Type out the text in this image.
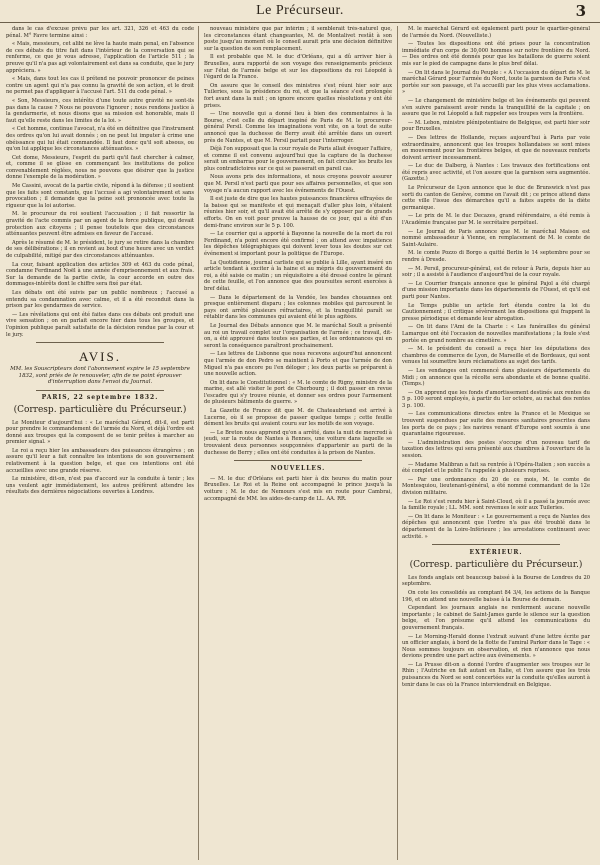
Le Précurseur.	3

dans le cas d'excuse prévu par les art. 321, 326 et 463 du code pénal. M° Favre termine ainsi :

« Mais, messieurs, cet alibi ne lève la haute main penal, en l'absence de ces débats du titre fait dans l'intérieur de la conversation qui se renferme, ce que je vous adresse, l'application de l'article 511 ; la preuve qu'il n'a pas agi volontairement est dans sa conduite, que le jury appréciera. »

« Mais, dans tout les cas il prétend ne pouvoir prononcer de peines contre un agent qui n'a pas connu la gravité de son action, et le droit ne permet pas d'appliquer à l'accusé l'art. 511 du code pénal. »

« Son, Messieurs, ces intérêts d'une toute autre gravité ne sont-ils pas dans la cause ? Nous ne pouvons l'ignorer ; nous rendons justice à la gendarmerie, et nous disons que sa mission est honorable, mais il faut qu'elle reste dans les limites de la loi. »

« Cet homme, continue l'avocat, n'a été en définitive que l'instrument des ordres qu'on lui avait donnés ; on ne peut lui imputer à crime une obéissance qui lui était commandée. Il faut donc qu'il soit absous, ou qu'on lui applique les circonstances atténuantes. »

Cet dome, Messieurs, l'esprit du parti qu'il faut chercher à calmer, et, comme il se glisse en commençant les institutions de police convenablement réglées, nous ne pouvons que désirer que la justice donne l'exemple de la modération. »

Me Cassini, avocat de la partie civile, répond à la défense ; il soutient que les faits sont constants, que l'accusé a agi volontairement et sans provocation ; il demande que la peine soit prononcée avec toute la rigueur que la loi autorise.

M. le procureur du roi soutient l'accusation ; il fait ressortir la gravité de l'acte commis par un agent de la force publique, qui devait protection aux citoyens ; il pense toutefois que des circonstances atténuantes peuvent être admises en faveur de l'accusé.

Après le résumé de M. le président, le jury se retire dans la chambre de ses délibérations ; il en revient au bout d'une heure avec un verdict de culpabilité, mitigé par des circonstances atténuantes.

La cour, faisant application des articles 309 et 463 du code pénal, condamne Ferdinand Noël à une année d'emprisonnement et aux frais. Sur la demande de la partie civile, la cour accorde en outre des dommages-intérêts dont le chiffre sera fixé par état.

Les débats ont été suivis par un public nombreux ; l'accusé a entendu sa condamnation avec calme, et il a été reconduit dans la prison par les gendarmes de service.

— Les révélations qui ont été faites dans ces débats ont produit une vive sensation ; on en parlait encore hier dans tous les groupes, et l'opinion publique paraît satisfaite de la décision rendue par la cour et le jury.

AVIS.
MM. les Souscripteurs dont l'abonnement expire le 15 septembre 1832, sont priés de le renouveler, afin de ne point éprouver d'interruption dans l'envoi du Journal.
PARIS, 22 septembre 1832.
(Corresp. particulière du Précurseur.)

Le Moniteur d'aujourd'hui : « Le maréchal Gérard, dit-il, est parti pour prendre le commandement de l'armée du Nord, et déjà l'ordre est donné aux troupes qui la composent de se tenir prêtes à marcher au premier signal. »

Le roi a reçu hier les ambassadeurs des puissances étrangères ; on assure qu'il leur a fait connaître les intentions de son gouvernement relativement à la question belge, et que ces intentions ont été accueillies avec une grande réserve.

Le ministère, dit-on, n'est pas d'accord sur la conduite à tenir ; les uns veulent agir immédiatement, les autres préfèrent attendre les résultats des dernières négociations ouvertes à Londres.

nouveau ministère que par intérim ; il semblerait très-naturel que, les circonstances étant changeantes, M. de Montalivet restât à son poste jusqu'au moment où le conseil aurait pris une décision définitive sur la question de son remplacement.

Il est probable que M. le duc d'Orléans, qui a dû arriver hier à Bruxelles, aura rapporté de son voyage des renseignements précieux sur l'état de l'armée belge et sur les dispositions du roi Léopold à l'égard de la France.

On assure que le conseil des ministres s'est réuni hier soir aux Tuileries, sous la présidence du roi, et que la séance s'est prolongée fort avant dans la nuit ; on ignore encore quelles résolutions y ont été prises.

— Une nouvelle qui a donné lieu à bien des commentaires à la Bourse, c'est celle du départ inopiné de Paris de M. le procureur-général Persil. Comme les imaginations vont vite, on a tout de suite annoncé que la duchesse de Berry avait été arrêtée dans un ouvert près de Nantes, et que M. Persil partait pour l'interroger.

Déjà l'on supposait que la cour royale de Paris allait évoquer l'affaire, et comme il est convenu aujourd'hui que la capture de la duchesse serait un embarras pour le gouvernement, on fait circuler les bruits les plus contradictoires sur ce qui se passerait en pareil cas.

Nous avons pris des informations, et nous croyons pouvoir assurer que M. Persil n'est parti que pour ses affaires personnelles, et que son voyage n'a aucun rapport avec les événements de l'Ouest.

Il est juste de dire que les hautes puissances financières effrayées de la baisse qui se manifeste et qui menaçait d'aller plus loin, s'étaient réunies hier soir, et qu'il avait été arrêté de s'y opposer par de grands efforts. On en voit pour preuve la hausse de ce jour, qui a été d'un demi-franc environ sur le 5 p. 100.

— Le courrier qui a apporté à Bayonne la nouvelle de la mort du roi Ferdinand, n'a point encore été confirmé ; on attend avec impatience les dépêches télégraphiques qui doivent lever tous les doutes sur cet événement si important pour la politique de l'Europe.

La Quotidienne, journal carliste qui se publie à Lille, ayant inséré un article tendant à exciter à la haine et au mépris du gouvernement du roi, a été saisie ce matin ; un réquisitoire a été dressé contre le gérant de cette feuille, et l'on annonce que des poursuites seront exercées à bref délai.

— Dans le département de la Vendée, les bandes chouannes ont presque entièrement disparu ; les colonnes mobiles qui parcourent le pays ont arrêté plusieurs réfractaires, et la tranquillité paraît se rétablir dans les communes qui avaient été le plus agitées.

Le Journal des Débats annonce que M. le maréchal Soult a présenté au roi un travail complet sur l'organisation de l'armée ; ce travail, dit-on, a été approuvé dans toutes ses parties, et les ordonnances qui en seront la conséquence paraîtront prochainement.

— Les lettres de Lisbonne que nous recevons aujourd'hui annoncent que l'armée de don Pedro se maintient à Porto et que l'armée de don Miguel n'a pas encore pu l'en déloger ; les deux partis se préparent à une nouvelle action.

On lit dans le Constitutionnel : « M. le comte de Rigny, ministre de la marine, est allé visiter le port de Cherbourg ; il doit passer en revue l'escadre qui s'y trouve réunie, et donner ses ordres pour l'armement de plusieurs bâtiments de guerre. »

La Gazette de France dit que M. de Chateaubriand est arrivé à Lucerne, où il se propose de passer quelque temps ; cette feuille dément les bruits qui avaient couru sur les motifs de son voyage.

— Le Breton nous apprend qu'on a arrêté, dans la nuit de mercredi à jeudi, sur la route de Nantes à Rennes, une voiture dans laquelle se trouvaient deux personnes soupçonnées d'appartenir au parti de la duchesse de Berry ; elles ont été conduites à la prison de Nantes.

NOUVELLES.

— M. le duc d'Orléans est parti hier à dix heures du matin pour Bruxelles. Le Roi et la Reine ont accompagné le prince jusqu'à la voiture ; M. le duc de Nemours s'est mis en route pour Cambrai, accompagné de MM. les aides-de-camp de LL. AA. RR.

M. le maréchal Gérard est également parti pour le quartier-général de l'armée du Nord. (Nouvelliste.)

— Toutes les dispositions ont été prises pour la concentration immédiate d'un corps de 30,000 hommes sur notre frontière du Nord. — Des ordres ont été donnés pour que les bataillons de guerre soient mis sur le pied de campagne dans le plus bref délai.

— On lit dans le Journal du Peuple : « A l'occasion du départ de M. le maréchal Gérard pour l'armée du Nord, toute la garnison de Paris s'est portée sur son passage, et l'a accueilli par les plus vives acclamations. »

— Le changement de ministère belge et les événements qui peuvent s'en suivre paraissent avoir rendu la tranquillité de la capitale ; on assure que le roi Léopold a fait rappeler ses troupes vers la frontière.

— M. Lebon, ministre plénipotentiaire de Belgique, est parti hier soir pour Bruxelles.

— Des lettres de Hollande, reçues aujourd'hui à Paris par voie extraordinaire, annoncent que les troupes hollandaises se sont mises en mouvement pour les frontières belges, et que de nouveaux renforts doivent arriver incessamment.

— Le duc de Dalberg, à Nantes : Les travaux des fortifications ont été repris avec activité, et l'on assure que la garnison sera augmentée. (Gazette.)

Le Précurseur de Lyon annonce que le duc de Brunswick n'est pas sorti du canton de Genève, comme on l'avait dit ; ce prince attend dans cette ville l'issue des démarches qu'il a faites auprès de la diète germanique.

— Le prix de M. le duc Decazes, grand référendaire, a été remis à l'Académie française par M. le secrétaire perpétuel.

— Le Journal de Paris annonce que M. le maréchal Maison est nommé ambassadeur à Vienne, en remplacement de M. le comte de Saint-Aulaire.

M. le comte Pozzo di Borgo a quitté Berlin le 14 septembre pour se rendre à Dresde.

— M. Persil, procureur-général, est de retour à Paris, depuis hier au soir ; il a assisté à l'audience d'aujourd'hui de la cour royale.

— Le Courrier français annonce que le général Pajol a été chargé d'une mission importante dans les départements de l'Ouest, et qu'il est parti pour Nantes.

Le Temps publie un article fort étendu contre la loi du Cautionnement ; il critique sévèrement les dispositions qui frappent la presse périodique et demande leur abrogation.

— On lit dans l'Ami de la Charte : « Les funérailles du général Lamarque ont été l'occasion de nouvelles manifestations ; la foule s'est portée en grand nombre au cimetière. »

— M. le président du conseil a reçu hier les députations des chambres de commerce de Lyon, de Marseille et de Bordeaux, qui sont venues lui soumettre leurs réclamations au sujet des tarifs.

— Les vendanges ont commencé dans plusieurs départements du Midi ; on annonce que la récolte sera abondante et de bonne qualité. (Temps.)

— On apprend que les fonds d'amortissement destinés aux rentes du 5 p. 100 seront employés, à partir du 1er octobre, au rachat des rentes 3 p. 100.

— Les communications directes entre la France et le Mexique se trouvent suspendues par suite des mesures sanitaires prescrites dans les ports de ce pays ; les navires venant d'Europe sont soumis à une quarantaine rigoureuse.

— L'administration des postes s'occupe d'un nouveau tarif de taxation des lettres qui sera présenté aux chambres à l'ouverture de la session.

— Madame Malibran a fait sa rentrée à l'Opéra-Italien ; son succès a été complet et le public l'a rappelée à plusieurs reprises.

— Par une ordonnance du 20 de ce mois, M. le comte de Montesquiou, lieutenant-général, a été nommé commandant de la 12e division militaire.

— Le Roi s'est rendu hier à Saint-Cloud, où il a passé la journée avec la famille royale ; LL. MM. sont revenues le soir aux Tuileries.

— On lit dans le Moniteur : « Le gouvernement a reçu de Nantes des dépêches qui annoncent que l'ordre n'a pas été troublé dans le département de la Loire-Inférieure ; les arrestations continuent avec activité. »

EXTÉRIEUR.
(Corresp. particulière du Précurseur.)

Les fonds anglais ont beaucoup baissé à la Bourse de Londres du 20 septembre.

On cote les consolidés au comptant 84 3/4, les actions de la Banque 196, et on attend une nouvelle baisse à la Bourse de demain.

Cependant les journaux anglais ne renferment aucune nouvelle importante ; le cabinet de Saint-James garde le silence sur la question belge, et l'on présume qu'il attend les communications du gouvernement français.

— Le Morning-Herald donne l'extrait suivant d'une lettre écrite par un officier anglais, à bord de la flotte de l'amiral Parker dans le Tage : « Nous sommes toujours en observation, et rien n'annonce que nous devions prendre une part active aux événements. »

— La Prusse dit-on a donné l'ordre d'augmenter ses troupes sur le Rhin ; l'Autriche en fait autant en Italie, et l'on assure que les trois puissances du Nord se sont concertées sur la conduite qu'elles auront à tenir dans le cas où la France interviendrait en Belgique.
